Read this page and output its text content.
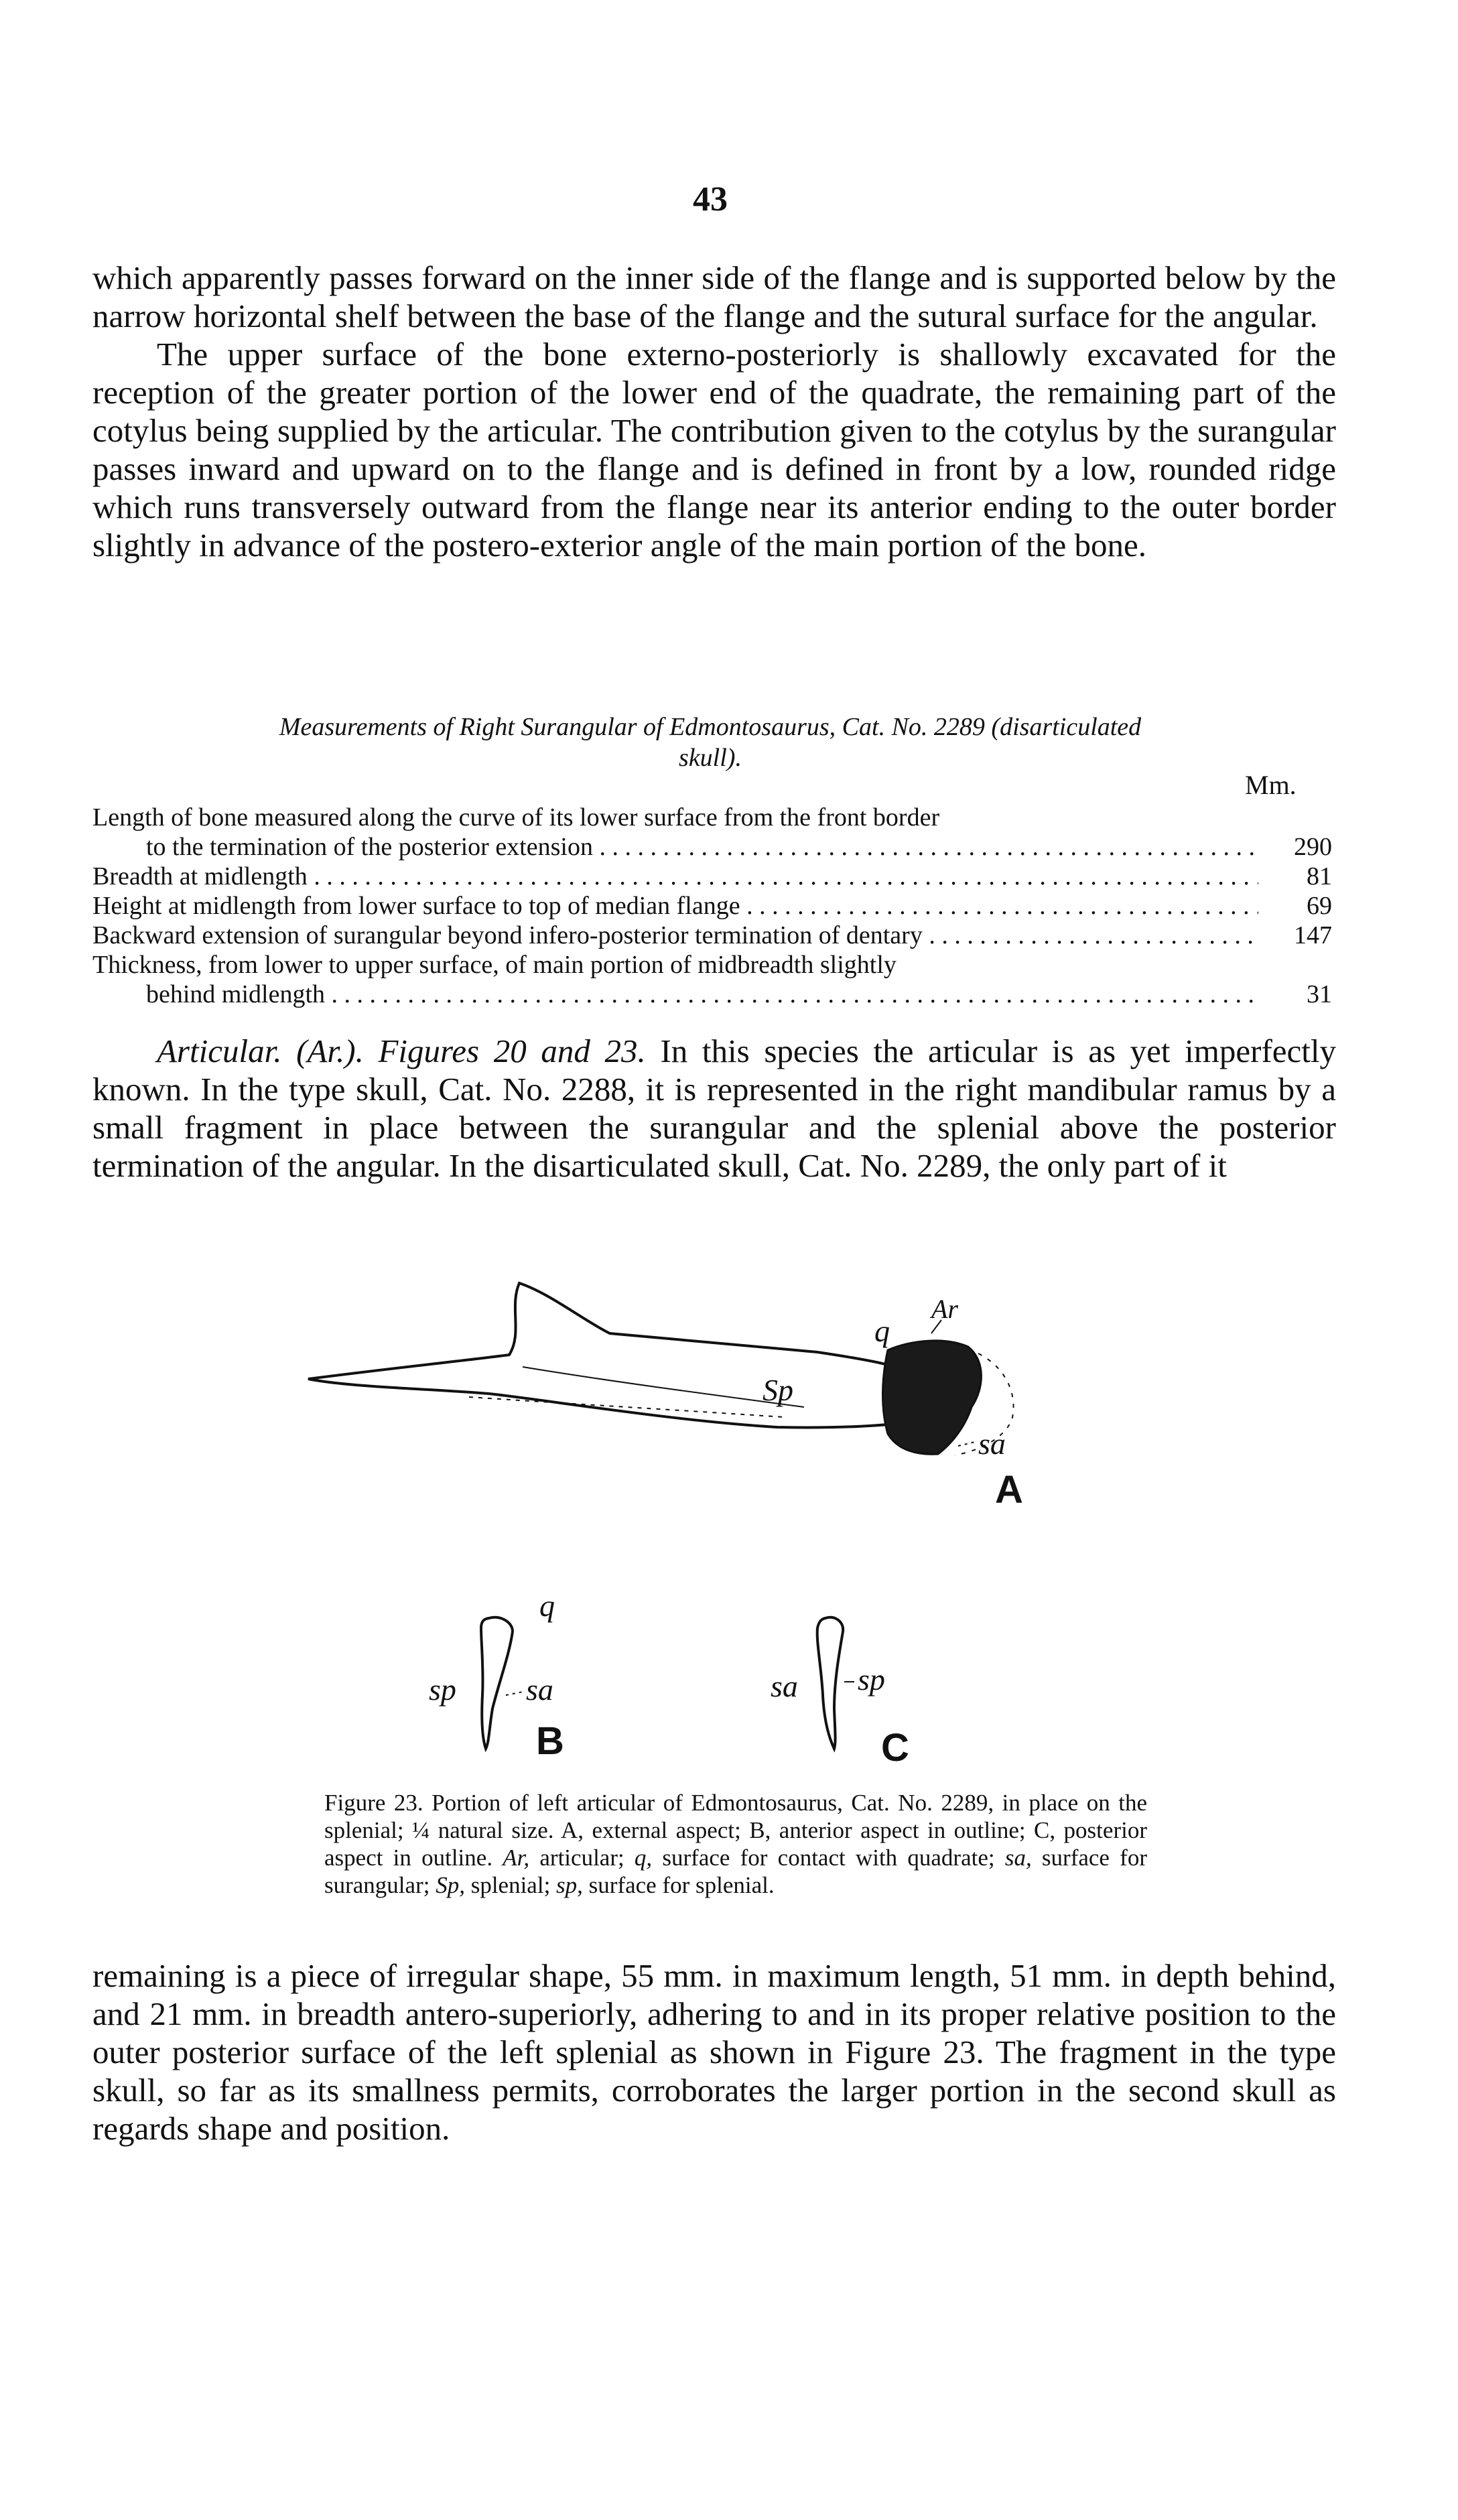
43

which apparently passes forward on the inner side of the flange and is supported below by the narrow horizontal shelf between the base of the flange and the sutural surface for the angular.

The upper surface of the bone externo-posteriorly is shallowly excavated for the reception of the greater portion of the lower end of the quadrate, the remaining part of the cotylus being supplied by the articular. The contribution given to the cotylus by the surangular passes inward and upward on to the flange and is defined in front by a low, rounded ridge which runs transversely outward from the flange near its anterior ending to the outer border slightly in advance of the postero-exterior angle of the main portion of the bone.

Measurements of Right Surangular of Edmontosaurus, Cat. No. 2289 (disarticulated
skull).
Mm.
Length of bone measured along the curve of its lower surface from the front border
to the termination of the posterior extension . . .	290
Breadth at midlength . . .	81
Height at midlength from lower surface to top of median flange . . .	69
Backward extension of surangular beyond infero-posterior termination of dentary . . .	147
Thickness, from lower to upper surface, of main portion of midbreadth slightly
behind midlength . . .	31

Articular. (Ar.). Figures 20 and 23. In this species the articular is as yet imperfectly known. In the type skull, Cat. No. 2288, it is represented in the right mandibular ramus by a small fragment in place between the surangular and the splenial above the posterior termination of the angular. In the disarticulated skull, Cat. No. 2289, the only part of it

q
Ar
Sp
sa
A
q
sp sa
B
sa sp
C
Figure 23. Portion of left articular of Edmontosaurus, Cat. No. 2289, in place on the splenial; ¼ natural size. A, external aspect; B, anterior aspect in outline; C, posterior aspect in outline. Ar, articular; q, surface for contact with quadrate; sa, surface for surangular; Sp, splenial; sp, surface for splenial.

remaining is a piece of irregular shape, 55 mm. in maximum length, 51 mm. in depth behind, and 21 mm. in breadth antero-superiorly, adhering to and in its proper relative position to the outer posterior surface of the left splenial as shown in Figure 23. The fragment in the type skull, so far as its smallness permits, corroborates the larger portion in the second skull as regards shape and position.
